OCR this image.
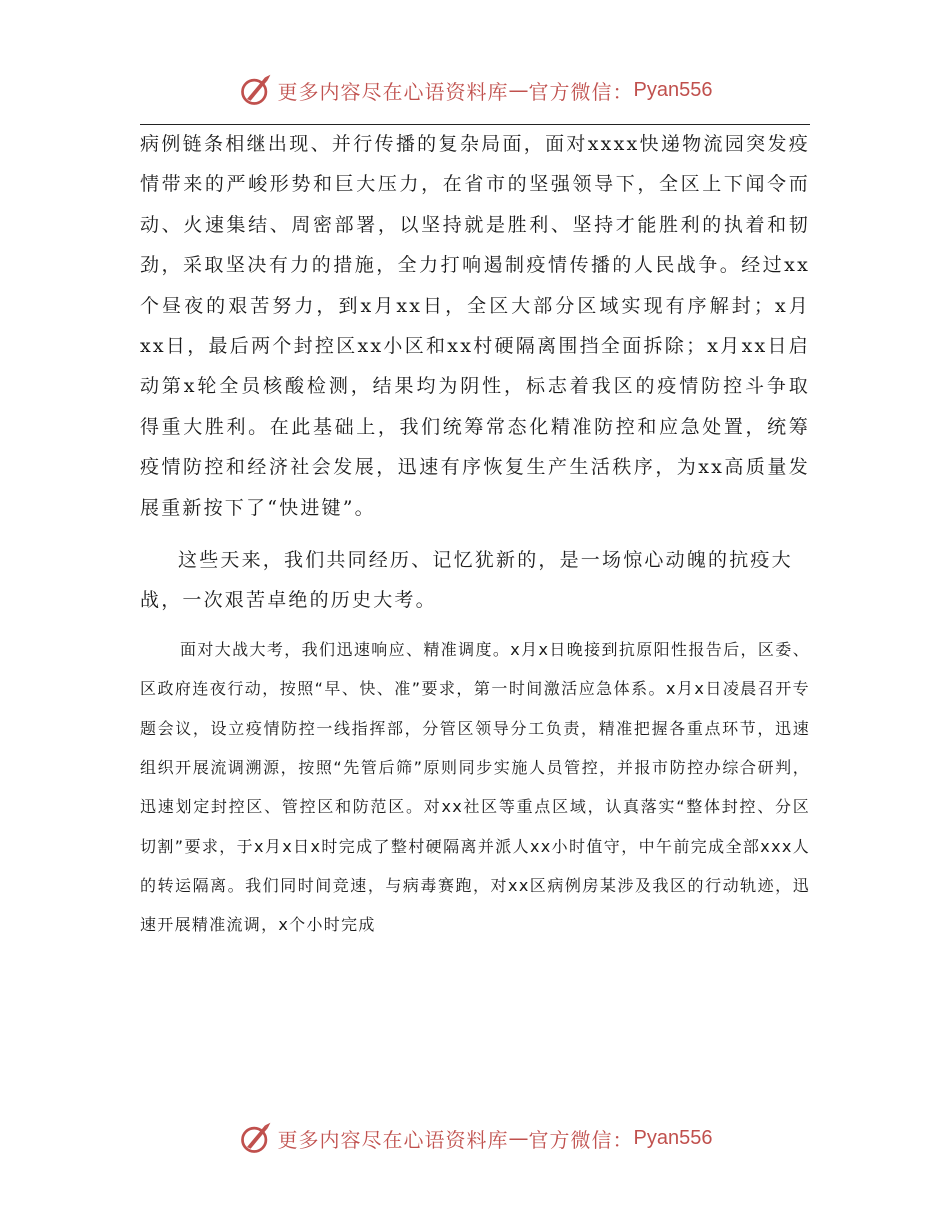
更多内容尽在心语资料库 — 官方微信： Pyan556

病例链条相继出现、并行传播的复杂局面，面对xxxx快递物流园突发疫情带来的严峻形势和巨大压力，在省市的坚强领导下，全区上下闻令而动、火速集结、周密部署，以坚持就是胜利、坚持才能胜利的执着和韧劲，采取坚决有力的措施，全力打响遏制疫情传播的人民战争。经过xx个昼夜的艰苦努力，到x月xx日，全区大部分区域实现有序解封；x月xx日，最后两个封控区xx小区和xx村硬隔离围挡全面拆除；x月xx日启动第x轮全员核酸检测，结果均为阴性，标志着我区的疫情防控斗争取得重大胜利。在此基础上，我们统筹常态化精准防控和应急处置，统筹疫情防控和经济社会发展，迅速有序恢复生产生活秩序，为xx高质量发展重新按下了“快进键”。

这些天来，我们共同经历、记忆犹新的，是一场惊心动魄的抗疫大战，一次艰苦卓绝的历史大考。

面对大战大考，我们迅速响应、精准调度。x月x日晚接到抗原阳性报告后，区委、区政府连夜行动，按照“早、快、准”要求，第一时间激活应急体系。x月x日凌晨召开专题会议，设立疫情防控一线指挥部，分管区领导分工负责，精准把握各重点环节，迅速组织开展流调溯源，按照“先管后筛”原则同步实施人员管控，并报市防控办综合研判，迅速划定封控区、管控区和防范区。对xx社区等重点区域，认真落实“整体封控、分区切割”要求，于x月x日x时完成了整村硬隔离并派人xx小时值守，中午前完成全部xxx人的转运隔离。我们同时间竞速，与病毒赛跑，对xx区病例房某涉及我区的行动轨迹，迅速开展精准流调，x个小时完成

更多内容尽在心语资料库 — 官方微信： Pyan556
